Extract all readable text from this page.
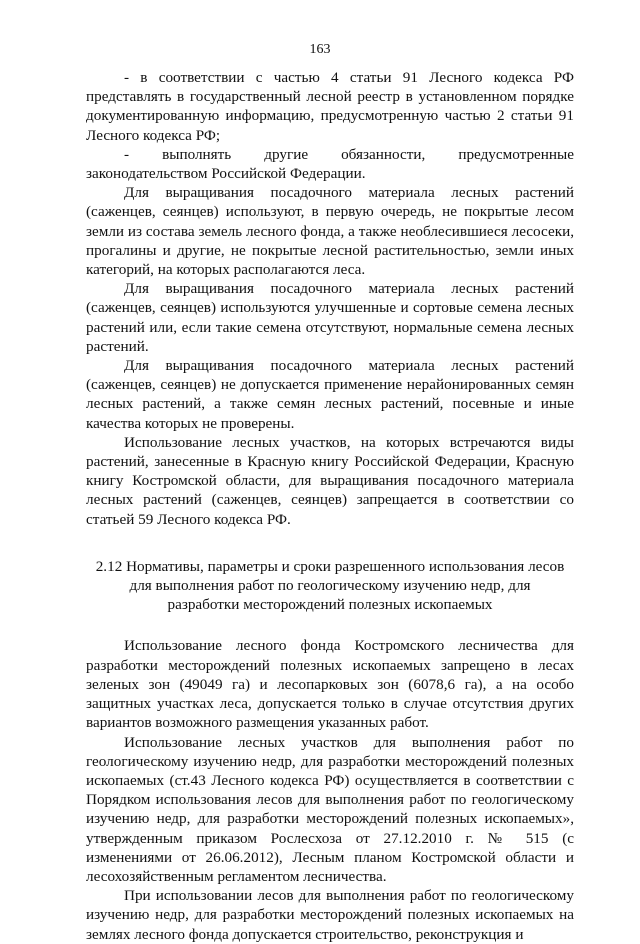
163

- в соответствии с частью 4 статьи 91 Лесного кодекса РФ представлять в государственный лесной реестр в установленном порядке документированную информацию, предусмотренную частью 2 статьи 91 Лесного кодекса РФ;

- выполнять другие обязанности, предусмотренные законодательством Российской Федерации.

Для выращивания посадочного материала лесных растений (саженцев, сеянцев) используют, в первую очередь, не покрытые лесом земли из состава земель лесного фонда, а также необлесившиеся лесосеки, прогалины и другие, не покрытые лесной растительностью, земли иных категорий, на которых располагаются леса.

Для выращивания посадочного материала лесных растений (саженцев, сеянцев) используются улучшенные и сортовые семена лесных растений или, если такие семена отсутствуют, нормальные семена лесных растений.

Для выращивания посадочного материала лесных растений (саженцев, сеянцев) не допускается применение нерайонированных семян лесных растений, а также семян лесных растений, посевные и иные качества которых не проверены.

Использование лесных участков, на которых встречаются виды растений, занесенные в Красную книгу Российской Федерации, Красную книгу Костромской области, для выращивания посадочного материала лесных растений (саженцев, сеянцев) запрещается в соответствии со статьей 59 Лесного кодекса РФ.

2.12 Нормативы, параметры и сроки разрешенного использования лесов для выполнения работ по геологическому изучению недр, для разработки месторождений полезных ископаемых

Использование лесного фонда Костромского лесничества для разработки месторождений полезных ископаемых запрещено в лесах зеленых зон (49049 га) и лесопарковых зон (6078,6 га), а на особо защитных участках леса, допускается только в случае отсутствия других вариантов возможного размещения указанных работ.

Использование лесных участков для выполнения работ по геологическому изучению недр, для разработки месторождений полезных ископаемых (ст.43 Лесного кодекса РФ) осуществляется в соответствии с Порядком использования лесов для выполнения работ по геологическому изучению недр, для разработки месторождений полезных ископаемых», утвержденным приказом Рослесхоза от 27.12.2010 г. № 515 (с изменениями от 26.06.2012), Лесным планом Костромской области и лесохозяйственным регламентом лесничества.

При использовании лесов для выполнения работ по геологическому изучению недр, для разработки месторождений полезных ископаемых на землях лесного фонда допускается строительство, реконструкция и
